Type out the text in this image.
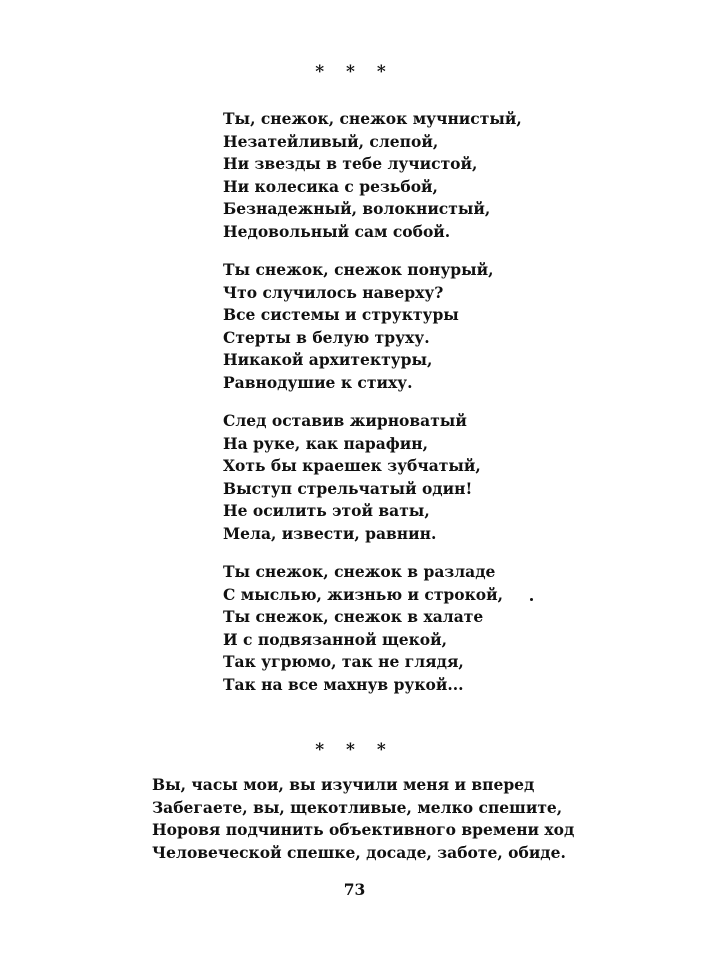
* * *
Ты, снежок, снежок мучнистый,
Незатейливый, слепой,
Ни звезды в тебе лучистой,
Ни колесика с резьбой,
Безнадежный, волокнистый,
Недовольный сам собой.
Ты снежок, снежок понурый,
Что случилось наверху?
Все системы и структуры
Стерты в белую труху.
Никакой архитектуры,
Равнодушие к стиху.
След оставив жирноватый
На руке, как парафин,
Хоть бы крaешек зубчатый,
Выступ стрельчатый один!
Не осилить этой ваты,
Мела, извести, равнин.
Ты снежок, снежок в разладе
С мыслью, жизнью и строкой,
Ты снежок, снежок в халате
И с подвязанной щекой,
Так угрюмо, так не глядя,
Так на все махнув рукой...
* * *
Вы, часы мои, вы изучили меня и вперед
Забегаете, вы, щекотливые, мелко спешите,
Норовя подчинить объективного времени ход
Человеческой спешке, досаде, заботе, обиде.
73
